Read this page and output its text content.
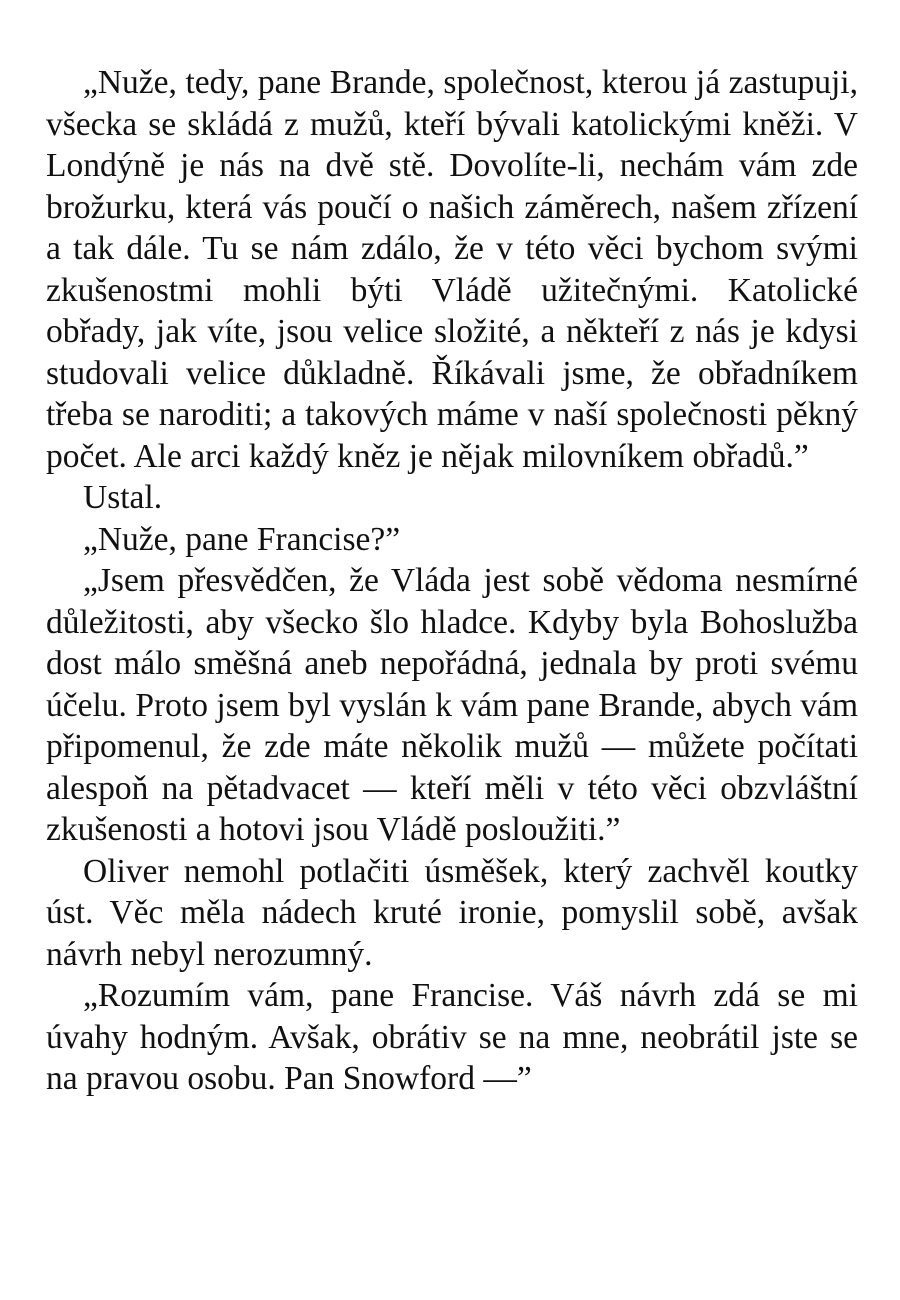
„Nuže, tedy, pane Brande, společnost, kterou já zastupuji, všecka se skládá z mužů, kteří bývali katolickými kněži. V Londýně je nás na dvě stě. Dovolíte-li, nechám vám zde brožurku, která vás poučí o našich záměrech, našem zřízení a tak dále. Tu se nám zdálo, že v této věci bychom svými zkušenostmi mohli býti Vládě užitečnými. Katolické obřady, jak víte, jsou velice složité, a někteří z nás je kdysi studovali velice důkladně. Říkávali jsme, že obřadníkem třeba se naroditi; a takových máme v naší společnosti pěkný počet. Ale arci každý kněz je nějak milovníkem obřadů.”

Ustal.

„Nuže, pane Francise?”

„Jsem přesvědčen, že Vláda jest sobě vědoma nesmírné důležitosti, aby všecko šlo hladce. Kdyby byla Bohoslužba dost málo směšná aneb nepořádná, jednala by proti svému účelu. Proto jsem byl vyslán k vám pane Brande, abych vám připomenul, že zde máte několik mužů — můžete počítati alespoň na pětadvacet — kteří měli v této věci obzvláštní zkušenosti a hotovi jsou Vládě posloužiti.”

Oliver nemohl potlačiti úsměšek, který zachvěl koutky úst. Věc měla nádech kruté ironie, pomyslil sobě, avšak návrh nebyl nerozumný.

„Rozumím vám, pane Francise. Váš návrh zdá se mi úvahy hodným. Avšak, obrátiv se na mne, neobrátil jste se na pravou osobu. Pan Snowford —”
